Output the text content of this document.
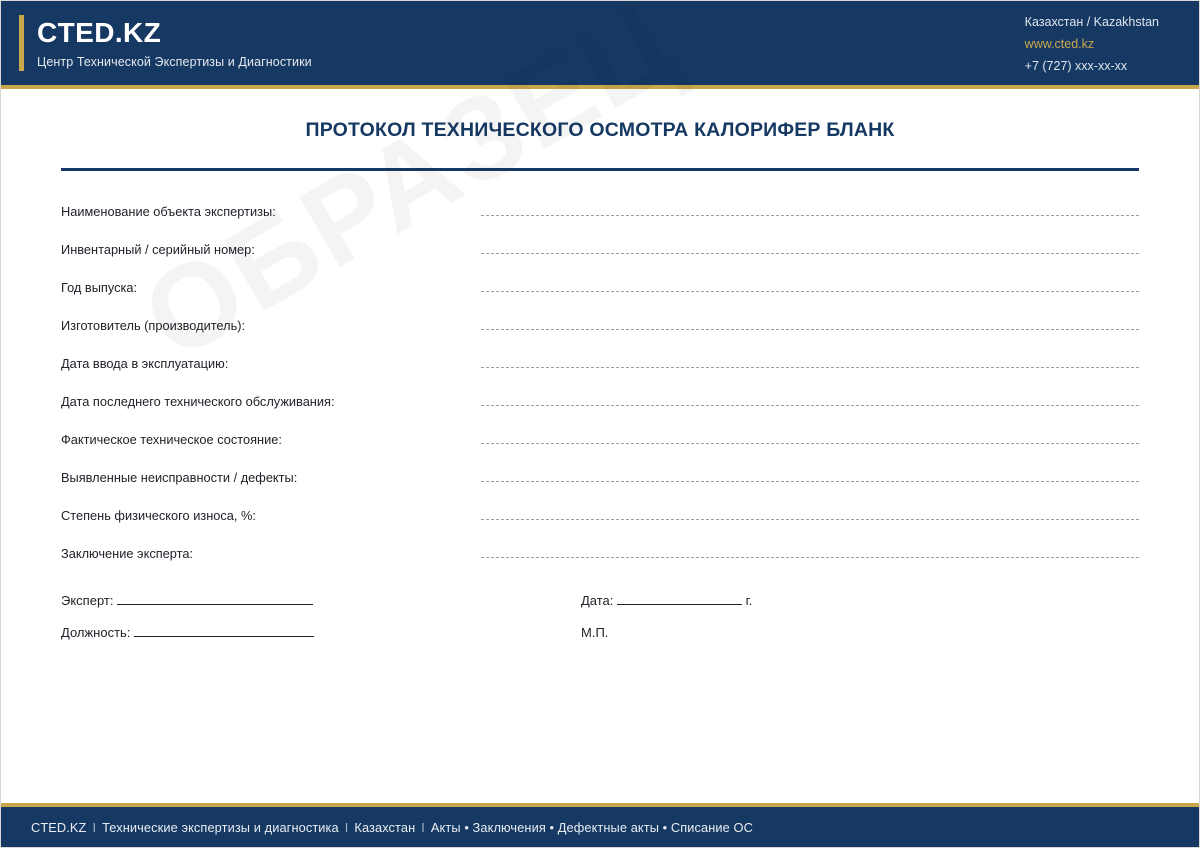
CTED.KZ
Центр Технической Экспертизы и Диагностики
Казахстан / Kazakhstan
www.cted.kz
+7 (727) xxx-xx-xx
ПРОТОКОЛ ТЕХНИЧЕСКОГО ОСМОТРА КАЛОРИФЕР БЛАНК
Наименование объекта экспертизы:
Инвентарный / серийный номер:
Год выпуска:
Изготовитель (производитель):
Дата ввода в эксплуатацию:
Дата последнего технического обслуживания:
Фактическое техническое состояние:
Выявленные неисправности / дефекты:
Степень физического износа, %:
Заключение эксперта:
Эксперт:	Дата:	г.
Должность:	М.П.
CTED.KZ I Технические экспертизы и диагностика I Казахстан I Акты • Заключения • Дефектные акты • Списание ОС
